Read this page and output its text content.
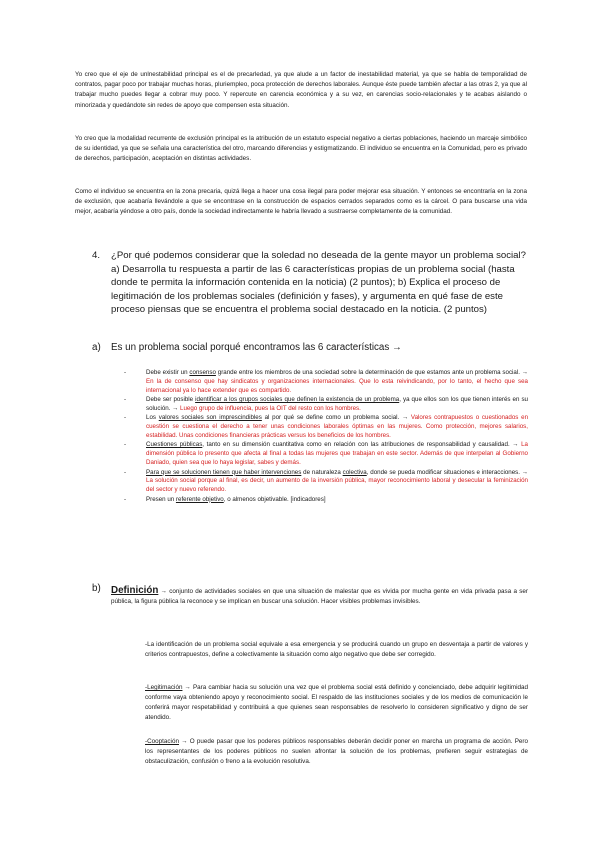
Yo creo que el eje de unlnestabilidad principal es el de precarledad, ya que alude a un factor de inestabilidad material, ya que se habla de temporalidad de contratos, pagar poco por trabajar muchas horas, pluriempleo, poca protección de derechos laborales. Aunque éste puede también afectar a las otras 2, ya que al trabajar mucho puedes llegar a cobrar muy poco. Y repercute en carencia económica y a su vez, en carencias socio-relacionales y te acabas aislando o minorizada y quedándote sin redes de apoyo que compensen esta situación.

Yo creo que la modalidad recurrente de exclusión principal es la atribución de un estatuto especial negativo a ciertas poblaciones, haciendo un marcaje simbólico de su identidad, ya que se señala una característica del otro, marcando diferencias y estigmatizando. El individuo se encuentra en la Comunidad, pero es privado de derechos, participación, aceptación en distintas actividades.

Como el individuo se encuentra en la zona precaria, quizá llega a hacer una cosa ilegal para poder mejorar esa situación. Y entonces se encontraría en la zona de exclusión, que acabaría llevándole a que se encontrase en la construcción de espacios cerrados separados como es la cárcel. O para buscarse una vida mejor, acabaría yéndose a otro país, donde la sociedad indirectamente le habría llevado a sustraerse completamente de la comunidad.

4. ¿Por qué podemos considerar que la soledad no deseada de la gente mayor un problema social? a) Desarrolla tu respuesta a partir de las 6 características propias de un problema social (hasta donde te permita la información contenida en la noticia) (2 puntos); b) Explica el proceso de legitimación de los problemas sociales (definición y fases), y argumenta en qué fase de este proceso piensas que se encuentra el problema social destacado en la noticia. (2 puntos)

a) Es un problema social porqué encontramos las 6 características →

-	Debe existir un consenso grande entre los miembros de una sociedad sobre la determinación de que estamos ante un problema social. → En la de consenso que hay sindicatos y organizaciones internacionales. Que lo esta reivindicando, por lo tanto, el hecho que sea internacional ya lo hace extender que es compartido.
-	Debe ser posible identificar a los grupos sociales que definen la existencia de un problema, ya que ellos son los que tienen interés en su solución. → Luego grupo de influencia, pues la OIT del resto con los hombres.
-	Los valores sociales son imprescindibles al por qué se define como un problema social. → Valores contrapuestos o cuestionados en cuestión se cuestiona el derecho a tener unas condiciones laborales óptimas en las mujeres. Como protección, mejores salarios, estabilidad. Unas condiciones financieras prácticas versus los beneficios de los hombres.
-	Cuestiones públicas, tanto en su dimensión cuantitativa como en relación con las atribuciones de responsabilidad y causalidad. → La dimensión pública lo presento que afecta al final a todas las mujeres que trabajan en este sector. Además de que interpelan al Gobierno Daniado, quien sea que lo haya legislar, sabes y demás.
-	Para que se solucionen tienen que haber intervenciones de naturaleza colectiva, donde se pueda modificar situaciones e interacciones. → La solución social porque al final, es decir, un aumento de la inversión pública, mayor reconocimiento laboral y desecular la feminización del sector y nuevo referendo.
-	Presen un referente objetivo, o almenos objetivable. [indicadores]
b) Definición → conjunto de actividades sociales en que una situación de malestar que es vivida por mucha gente en vida privada pasa a ser pública, la figura pública la reconoce y se implican en buscar una solución. Hacer visibles problemas invisibles.

-La identificación de un problema social equivale a esa emergencia y se producirá cuando un grupo en desventaja a partir de valores y criterios contrapuestos, define a colectivamente la situación como algo negativo que debe ser corregido.

-Legitimación → Para cambiar hacia su solución una vez que el problema social está definido y concienciado, debe adquirir legitimidad conforme vaya obteniendo apoyo y reconocimiento social. El respaldo de las instituciones sociales y de los medios de comunicación le conferirá mayor respetabilidad y contribuirá a que quienes sean responsables de resolverlo lo consideren significativo y digno de ser atendido.

-Cooptación → O puede pasar que los poderes públicos responsables deberán decidir poner en marcha un programa de acción. Pero los representantes de los poderes públicos no suelen afrontar la solución de los problemas, prefieren seguir estrategias de obstaculización, confusión o freno a la evolución resolutiva.
